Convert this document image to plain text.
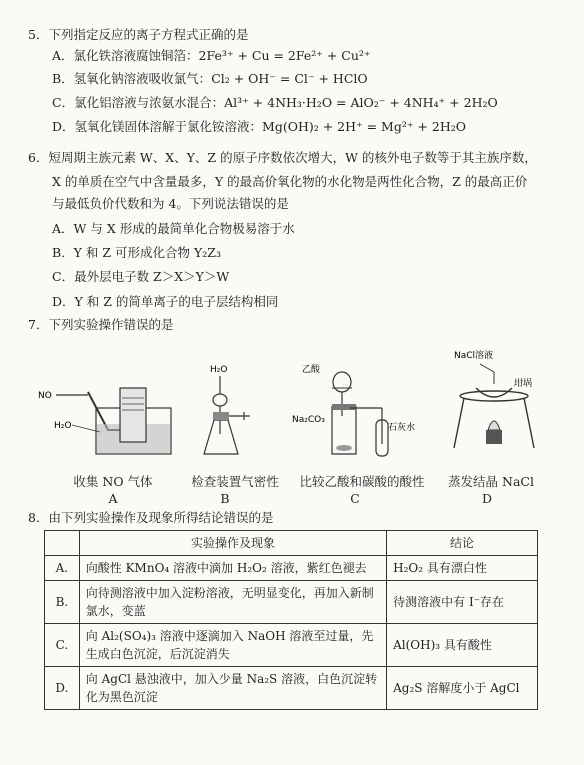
5．下列指定反应的离子方程式正确的是
A．氯化铁溶液腐蚀铜箔：2Fe³⁺ + Cu = 2Fe²⁺ + Cu²⁺
B．氢氧化钠溶液吸收氯气：Cl₂ + OH⁻ = Cl⁻ + HClO
C．氯化铝溶液与浓氨水混合：Al³⁺ + 4NH₃·H₂O = AlO₂⁻ + 4NH₄⁺ + 2H₂O
D．氢氧化镁固体溶解于氯化铵溶液：Mg(OH)₂ + 2H⁺ = Mg²⁺ + 2H₂O
6．短周期主族元素 W、X、Y、Z 的原子序数依次增大，W 的核外电子数等于其主族序数，
X 的单质在空气中含量最多，Y 的最高价氧化物的水化物是两性化合物，Z 的最高正价
与最低负价代数和为 4。下列说法错误的是
A．W 与 X 形成的最简单化合物极易溶于水
B．Y 和 Z 可形成化合物 Y₂Z₃
C．最外层电子数 Z＞X＞Y＞W
D．Y 和 Z 的简单离子的电子层结构相同
7．下列实验操作错误的是
NO
H₂O
收集 NO 气体
A
H₂O
检查装置气密性
B
乙酸
Na₂CO₃
石灰水
比较乙酸和碳酸的酸性
C
NaCl溶液
坩埚
蒸发结晶 NaCl
D
8．由下列实验操作及现象所得结论错误的是
	实验操作及现象	结论
A.	向酸性 KMnO₄ 溶液中滴加 H₂O₂ 溶液，紫红色褪去	H₂O₂ 具有漂白性
B.	向待测溶液中加入淀粉溶液，无明显变化，再加入新制氯水，变蓝	待测溶液中有 I⁻存在
C.	向 Al₂(SO₄)₃ 溶液中逐滴加入 NaOH 溶液至过量，先生成白色沉淀，后沉淀消失	Al(OH)₃ 具有酸性
D.	向 AgCl 悬浊液中，加入少量 Na₂S 溶液，白色沉淀转化为黑色沉淀	Ag₂S 溶解度小于 AgCl
